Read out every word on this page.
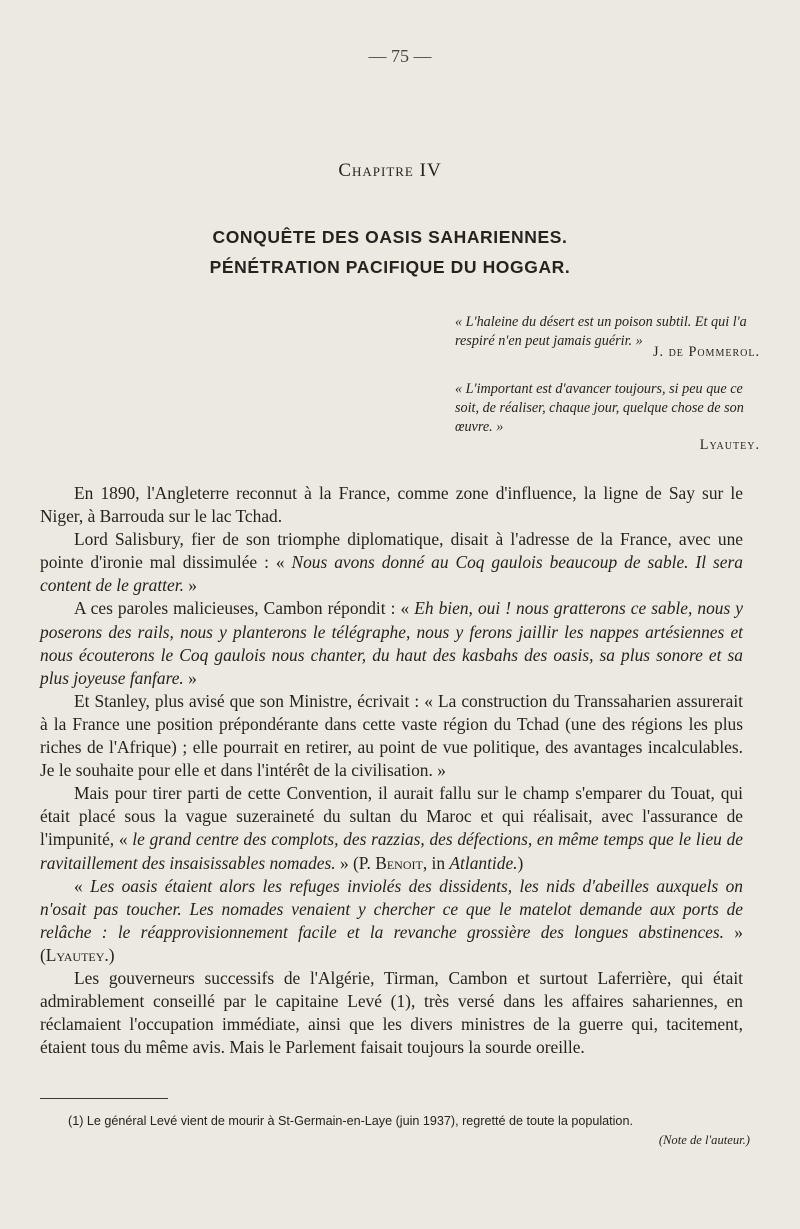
— 75 —
Chapitre IV
CONQUÊTE DES OASIS SAHARIENNES.
PÉNÉTRATION PACIFIQUE DU HOGGAR.
« L'haleine du désert est un poison subtil. Et qui l'a respiré n'en peut jamais guérir. »
J. de Pommerol.
« L'important est d'avancer toujours, si peu que ce soit, de réaliser, chaque jour, quelque chose de son œuvre. »
Lyautey.

En 1890, l'Angleterre reconnut à la France, comme zone d'influence, la ligne de Say sur le Niger, à Barrouda sur le lac Tchad.

Lord Salisbury, fier de son triomphe diplomatique, disait à l'adresse de la France, avec une pointe d'ironie mal dissimulée : « Nous avons donné au Coq gaulois beaucoup de sable. Il sera content de le gratter. »

A ces paroles malicieuses, Cambon répondit : « Eh bien, oui ! nous gratterons ce sable, nous y poserons des rails, nous y planterons le télégraphe, nous y ferons jaillir les nappes artésiennes et nous écouterons le Coq gaulois nous chanter, du haut des kasbahs des oasis, sa plus sonore et sa plus joyeuse fanfare. »

Et Stanley, plus avisé que son Ministre, écrivait : « La construction du Transsaharien assurerait à la France une position prépondérante dans cette vaste région du Tchad (une des régions les plus riches de l'Afrique) ; elle pourrait en retirer, au point de vue politique, des avantages incalculables. Je le souhaite pour elle et dans l'intérêt de la civilisation. »

Mais pour tirer parti de cette Convention, il aurait fallu sur le champ s'emparer du Touat, qui était placé sous la vague suzeraineté du sultan du Maroc et qui réalisait, avec l'assurance de l'impunité, « le grand centre des complots, des razzias, des défections, en même temps que le lieu de ravitaillement des insaisissables nomades. » (P. Benoit, in Atlantide.)

« Les oasis étaient alors les refuges inviolés des dissidents, les nids d'abeilles auxquels on n'osait pas toucher. Les nomades venaient y chercher ce que le matelot demande aux ports de relâche : le réapprovisionnement facile et la revanche grossière des longues abstinences. » (Lyautey.)

Les gouverneurs successifs de l'Algérie, Tirman, Cambon et surtout Laferrière, qui était admirablement conseillé par le capitaine Levé (1), très versé dans les affaires sahariennes, en réclamaient l'occupation immédiate, ainsi que les divers ministres de la guerre qui, tacitement, étaient tous du même avis. Mais le Parlement faisait toujours la sourde oreille.

(1) Le général Levé vient de mourir à St-Germain-en-Laye (juin 1937), regretté de toute la population.

(Note de l'auteur.)
